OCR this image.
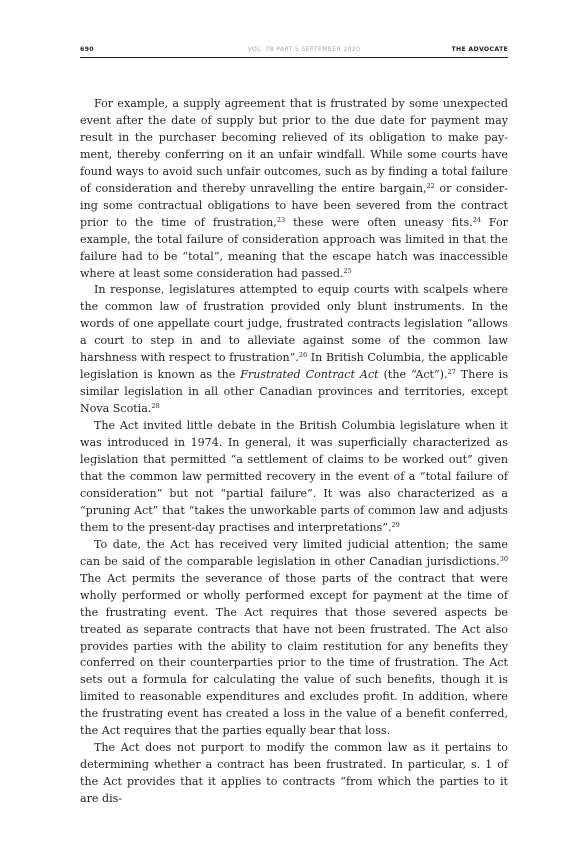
690	VOL. 78 PART 5 SEPTEMBER 2020	THE ADVOCATE

For example, a supply agreement that is frustrated by some unexpected event after the date of supply but prior to the due date for payment may result in the purchaser becoming relieved of its obligation to make payment, thereby conferring on it an unfair windfall. While some courts have found ways to avoid such unfair outcomes, such as by finding a total failure of consideration and thereby unravelling the entire bargain,$^{22}$ or considering some contractual obligations to have been severed from the contract prior to the time of frustration,$^{23}$ these were often uneasy fits.$^{24}$ For example, the total failure of consideration approach was limited in that the failure had to be “total”, meaning that the escape hatch was inaccessible where at least some consideration had passed.$^{25}$

In response, legislatures attempted to equip courts with scalpels where the common law of frustration provided only blunt instruments. In the words of one appellate court judge, frustrated contracts legislation “allows a court to step in and to alleviate against some of the common law harshness with respect to frustration”.$^{26}$ In British Columbia, the applicable legislation is known as the Frustrated Contract Act (the “Act”).$^{27}$ There is similar legislation in all other Canadian provinces and territories, except Nova Scotia.$^{28}$

The Act invited little debate in the British Columbia legislature when it was introduced in 1974. In general, it was superficially characterized as legislation that permitted “a settlement of claims to be worked out” given that the common law permitted recovery in the event of a “total failure of consideration” but not “partial failure”. It was also characterized as a “pruning Act” that “takes the unworkable parts of common law and adjusts them to the present-day practises and interpretations”.$^{29}$

To date, the Act has received very limited judicial attention; the same can be said of the comparable legislation in other Canadian jurisdictions.$^{30}$ The Act permits the severance of those parts of the contract that were wholly performed or wholly performed except for payment at the time of the frustrating event. The Act requires that those severed aspects be treated as separate contracts that have not been frustrated. The Act also provides parties with the ability to claim restitution for any benefits they conferred on their counterparties prior to the time of frustration. The Act sets out a formula for calculating the value of such benefits, though it is limited to reasonable expenditures and excludes profit. In addition, where the frustrating event has created a loss in the value of a benefit conferred, the Act requires that the parties equally bear that loss.

The Act does not purport to modify the common law as it pertains to determining whether a contract has been frustrated. In particular, s. 1 of the Act provides that it applies to contracts “from which the parties to it are dis-
